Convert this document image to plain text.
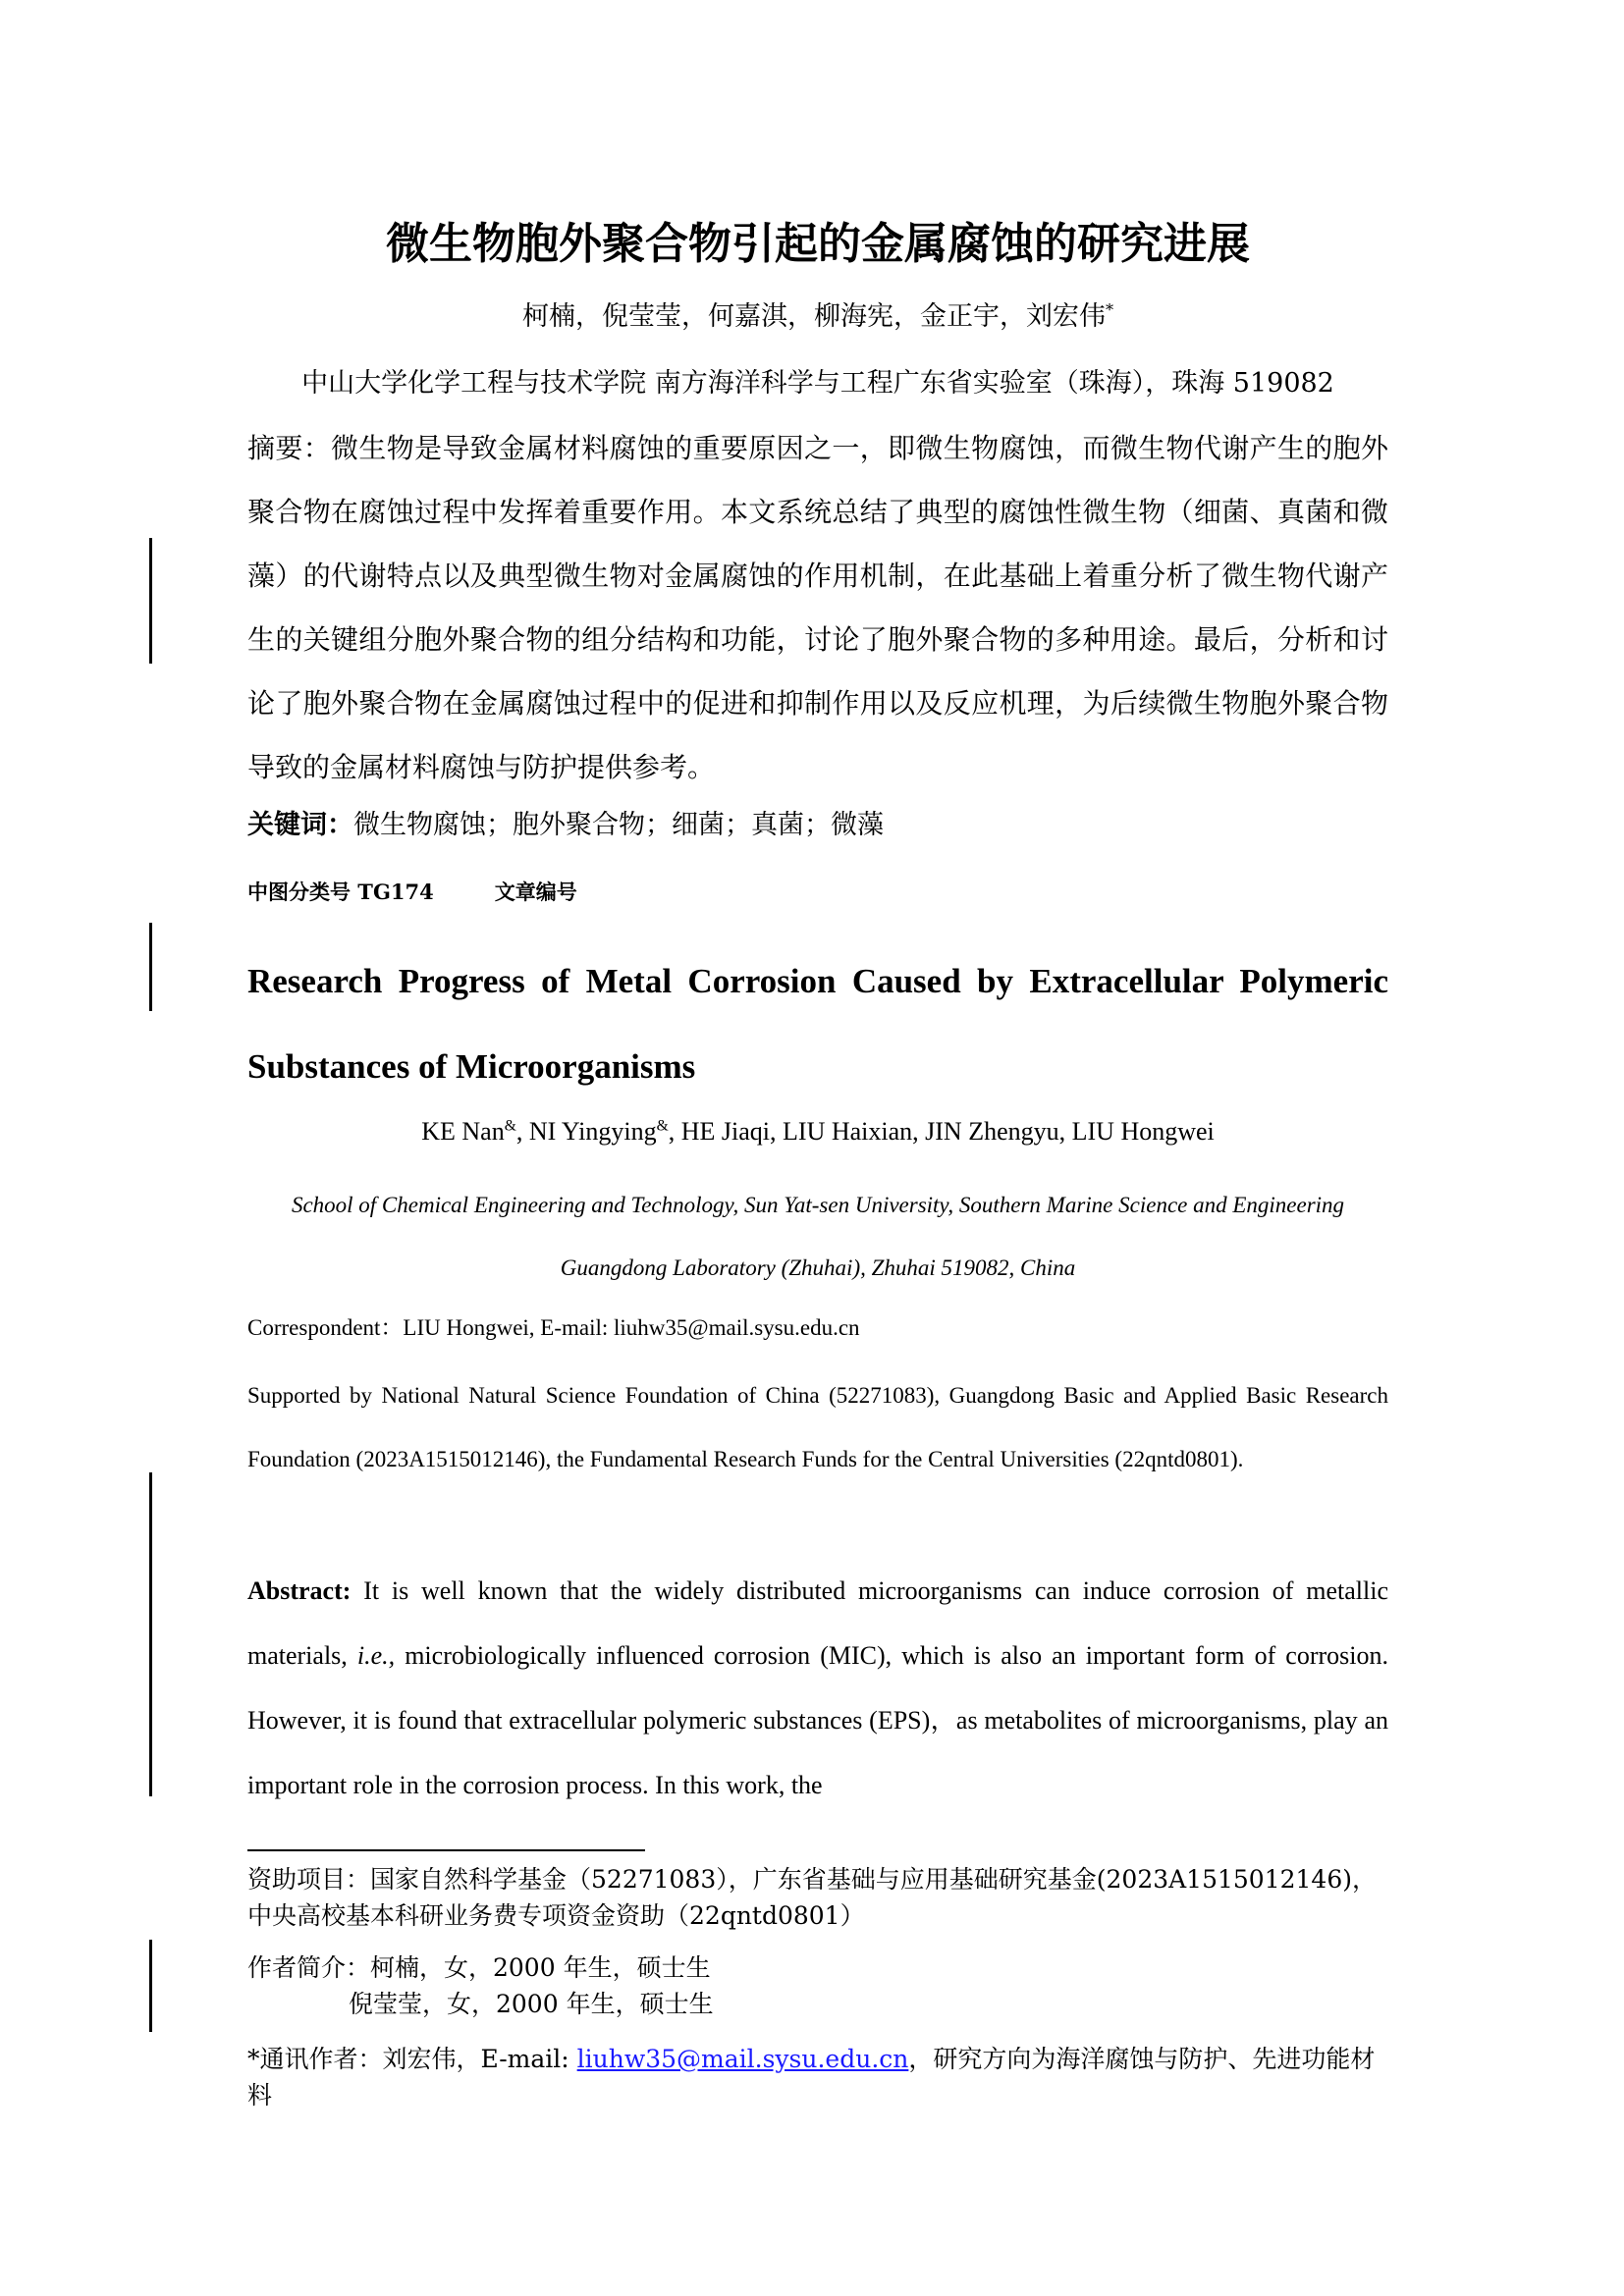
微生物胞外聚合物引起的金属腐蚀的研究进展
柯楠，倪莹莹，何嘉淇，柳海宪，金正宇，刘宏伟*
中山大学化学工程与技术学院 南方海洋科学与工程广东省实验室（珠海），珠海 519082
摘要：微生物是导致金属材料腐蚀的重要原因之一，即微生物腐蚀，而微生物代谢产生的胞外聚合物在腐蚀过程中发挥着重要作用。本文系统总结了典型的腐蚀性微生物（细菌、真菌和微藻）的代谢特点以及典型微生物对金属腐蚀的作用机制，在此基础上着重分析了微生物代谢产生的关键组分胞外聚合物的组分结构和功能，讨论了胞外聚合物的多种用途。最后，分析和讨论了胞外聚合物在金属腐蚀过程中的促进和抑制作用以及反应机理，为后续微生物胞外聚合物导致的金属材料腐蚀与防护提供参考。
关键词：微生物腐蚀；胞外聚合物；细菌；真菌；微藻
中图分类号 TG174	文章编号
Research Progress of Metal Corrosion Caused by Extracellular Polymeric Substances of Microorganisms
KE Nan&, NI Yingying&, HE Jiaqi, LIU Haixian, JIN Zhengyu, LIU Hongwei
School of Chemical Engineering and Technology, Sun Yat-sen University, Southern Marine Science and Engineering Guangdong Laboratory (Zhuhai), Zhuhai 519082, China
Correspondent：LIU Hongwei, E-mail: liuhw35@mail.sysu.edu.cn
Supported by National Natural Science Foundation of China (52271083), Guangdong Basic and Applied Basic Research Foundation (2023A1515012146), the Fundamental Research Funds for the Central Universities (22qntd0801).
Abstract: It is well known that the widely distributed microorganisms can induce corrosion of metallic materials, i.e., microbiologically influenced corrosion (MIC), which is also an important form of corrosion. However, it is found that extracellular polymeric substances (EPS)，as metabolites of microorganisms, play an important role in the corrosion process. In this work, the
资助项目：国家自然科学基金（52271083），广东省基础与应用基础研究基金(2023A1515012146)，中央高校基本科研业务费专项资金资助（22qntd0801）
作者简介：柯楠，女，2000 年生，硕士生
倪莹莹，女，2000 年生，硕士生
*通讯作者：刘宏伟，E-mail: liuhw35@mail.sysu.edu.cn，研究方向为海洋腐蚀与防护、先进功能材料
